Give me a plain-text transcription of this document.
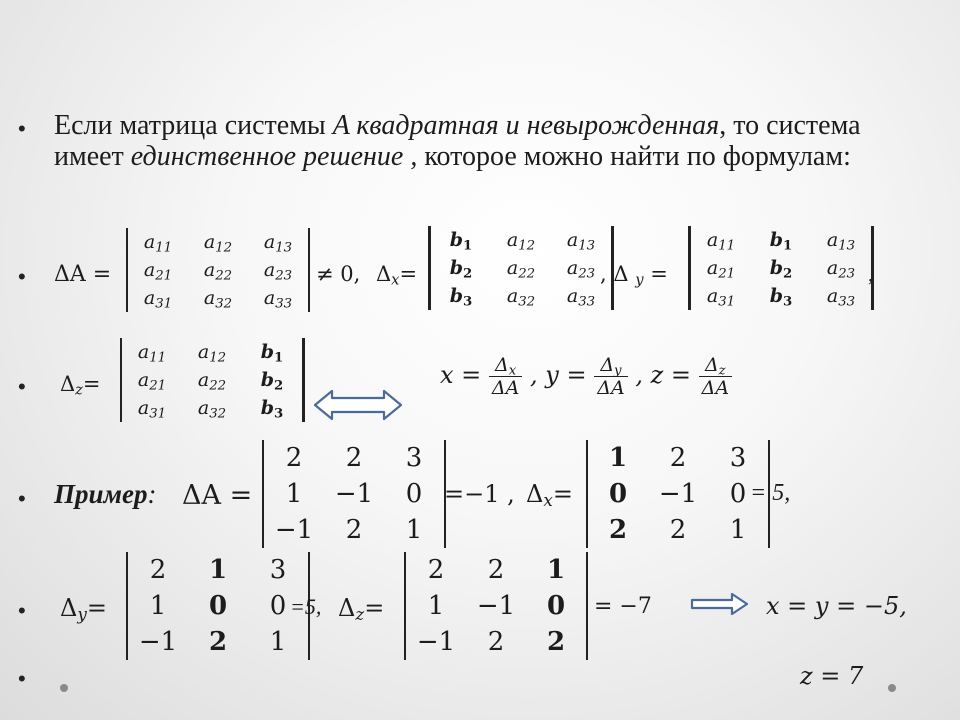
• Если матрица системы A квадратная и невырожденная, то система имеет единственное решение , которое можно найти по формулам:
• ΔA =
$a_{11}$	$a_{12}$	$a_{13}$
$a_{21}$	$a_{22}$	$a_{23}$
$a_{31}$	$a_{32}$	$a_{33}$
≠ 0, $\Delta_x=$
$b_1$	$a_{12}$	$a_{13}$
$b_2$	$a_{22}$	$a_{23}$
$b_3$	$a_{32}$	$a_{33}$
, Δ $_y$ =
$a_{11}$	$b_1$	$a_{13}$
$a_{21}$	$b_2$	$a_{23}$
$a_{31}$	$b_3$	$a_{33}$
,
• $\Delta_z=$
$a_{11}$	$a_{12}$	$b_1$
$a_{21}$	$a_{22}$	$b_2$
$a_{31}$	$a_{32}$	$b_3$
$x = \frac{\Delta_x}{\Delta A}$ , $y = \frac{\Delta_y}{\Delta A}$ , $z = \frac{\Delta_z}{\Delta A}$
• Пример: ΔA =
2	2	3
1	−1	0
−1	2	1
=−1 , $\Delta_x=$
1	2	3
0	−1	0
2	2	1
= 5,
• $\Delta_y=$
2	1	3
1	0	0
−1	2	1
=5, $\Delta_z=$
2	2	1
1	−1	0
−1	2	2
= −7	x = y = −5,
•	z = 7
